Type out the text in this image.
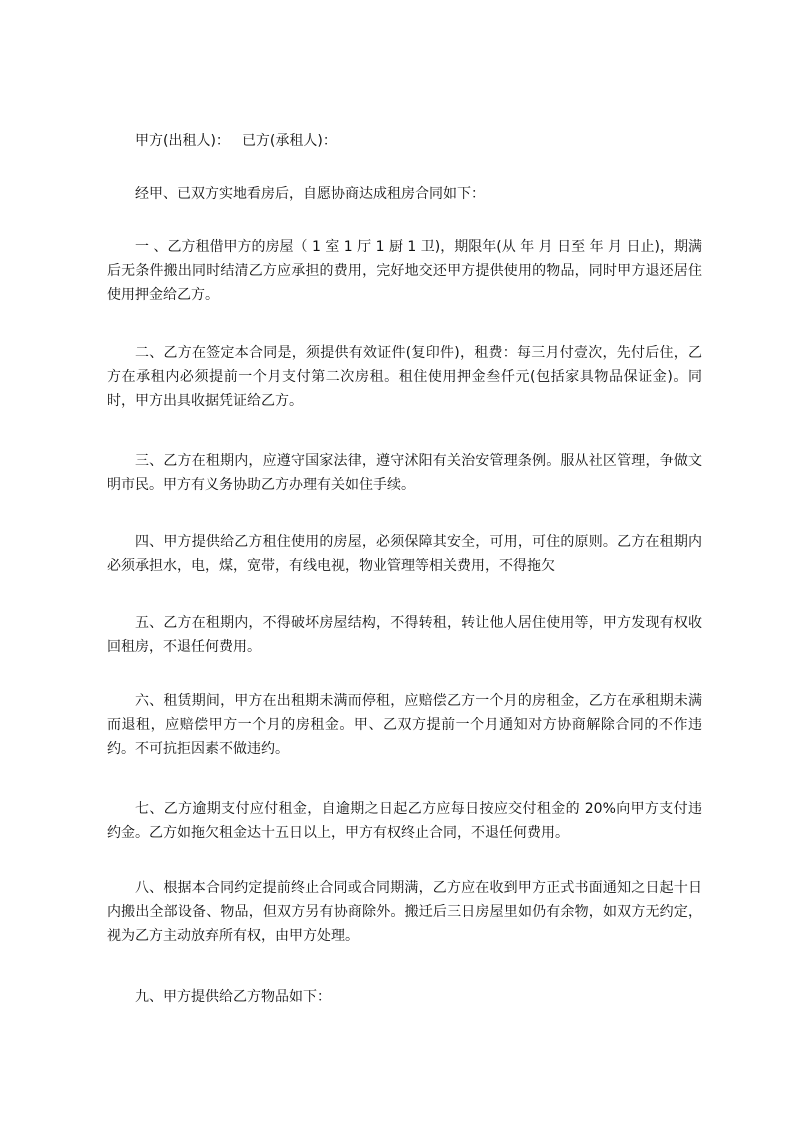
甲方(出租人)： 已方(承租人)：

经甲、已双方实地看房后，自愿协商达成租房合同如下：

一 、乙方租借甲方的房屋（ 1 室 1 厅 1 厨 1 卫)，期限年(从 年 月 日至 年 月 日止)，期满后无条件搬出同时结清乙方应承担的费用，完好地交还甲方提供使用的物品，同时甲方退还居住使用押金给乙方。

二、乙方在签定本合同是，须提供有效证件(复印件)，租费：每三月付壹次，先付后住，乙方在承租内必须提前一个月支付第二次房租。租住使用押金叁仟元(包括家具物品保证金)。同时，甲方出具收据凭证给乙方。

三、乙方在租期内，应遵守国家法律，遵守沭阳有关治安管理条例。服从社区管理，争做文明市民。甲方有义务协助乙方办理有关如住手续。

四、甲方提供给乙方租住使用的房屋，必须保障其安全，可用，可住的原则。乙方在租期内必须承担水，电，煤，宽带，有线电视，物业管理等相关费用，不得拖欠

五、乙方在租期内，不得破坏房屋结构，不得转租，转让他人居住使用等，甲方发现有权收回租房，不退任何费用。

六、租赁期间，甲方在出租期未满而停租，应赔偿乙方一个月的房租金，乙方在承租期未满而退租，应赔偿甲方一个月的房租金。甲、乙双方提前一个月通知对方协商解除合同的不作违约。不可抗拒因素不做违约。

七、乙方逾期支付应付租金，自逾期之日起乙方应每日按应交付租金的 20%向甲方支付违约金。乙方如拖欠租金达十五日以上，甲方有权终止合同，不退任何费用。

八、根据本合同约定提前终止合同或合同期满，乙方应在收到甲方正式书面通知之日起十日内搬出全部设备、物品，但双方另有协商除外。搬迁后三日房屋里如仍有余物，如双方无约定，视为乙方主动放弃所有权，由甲方处理。

九、甲方提供给乙方物品如下：
